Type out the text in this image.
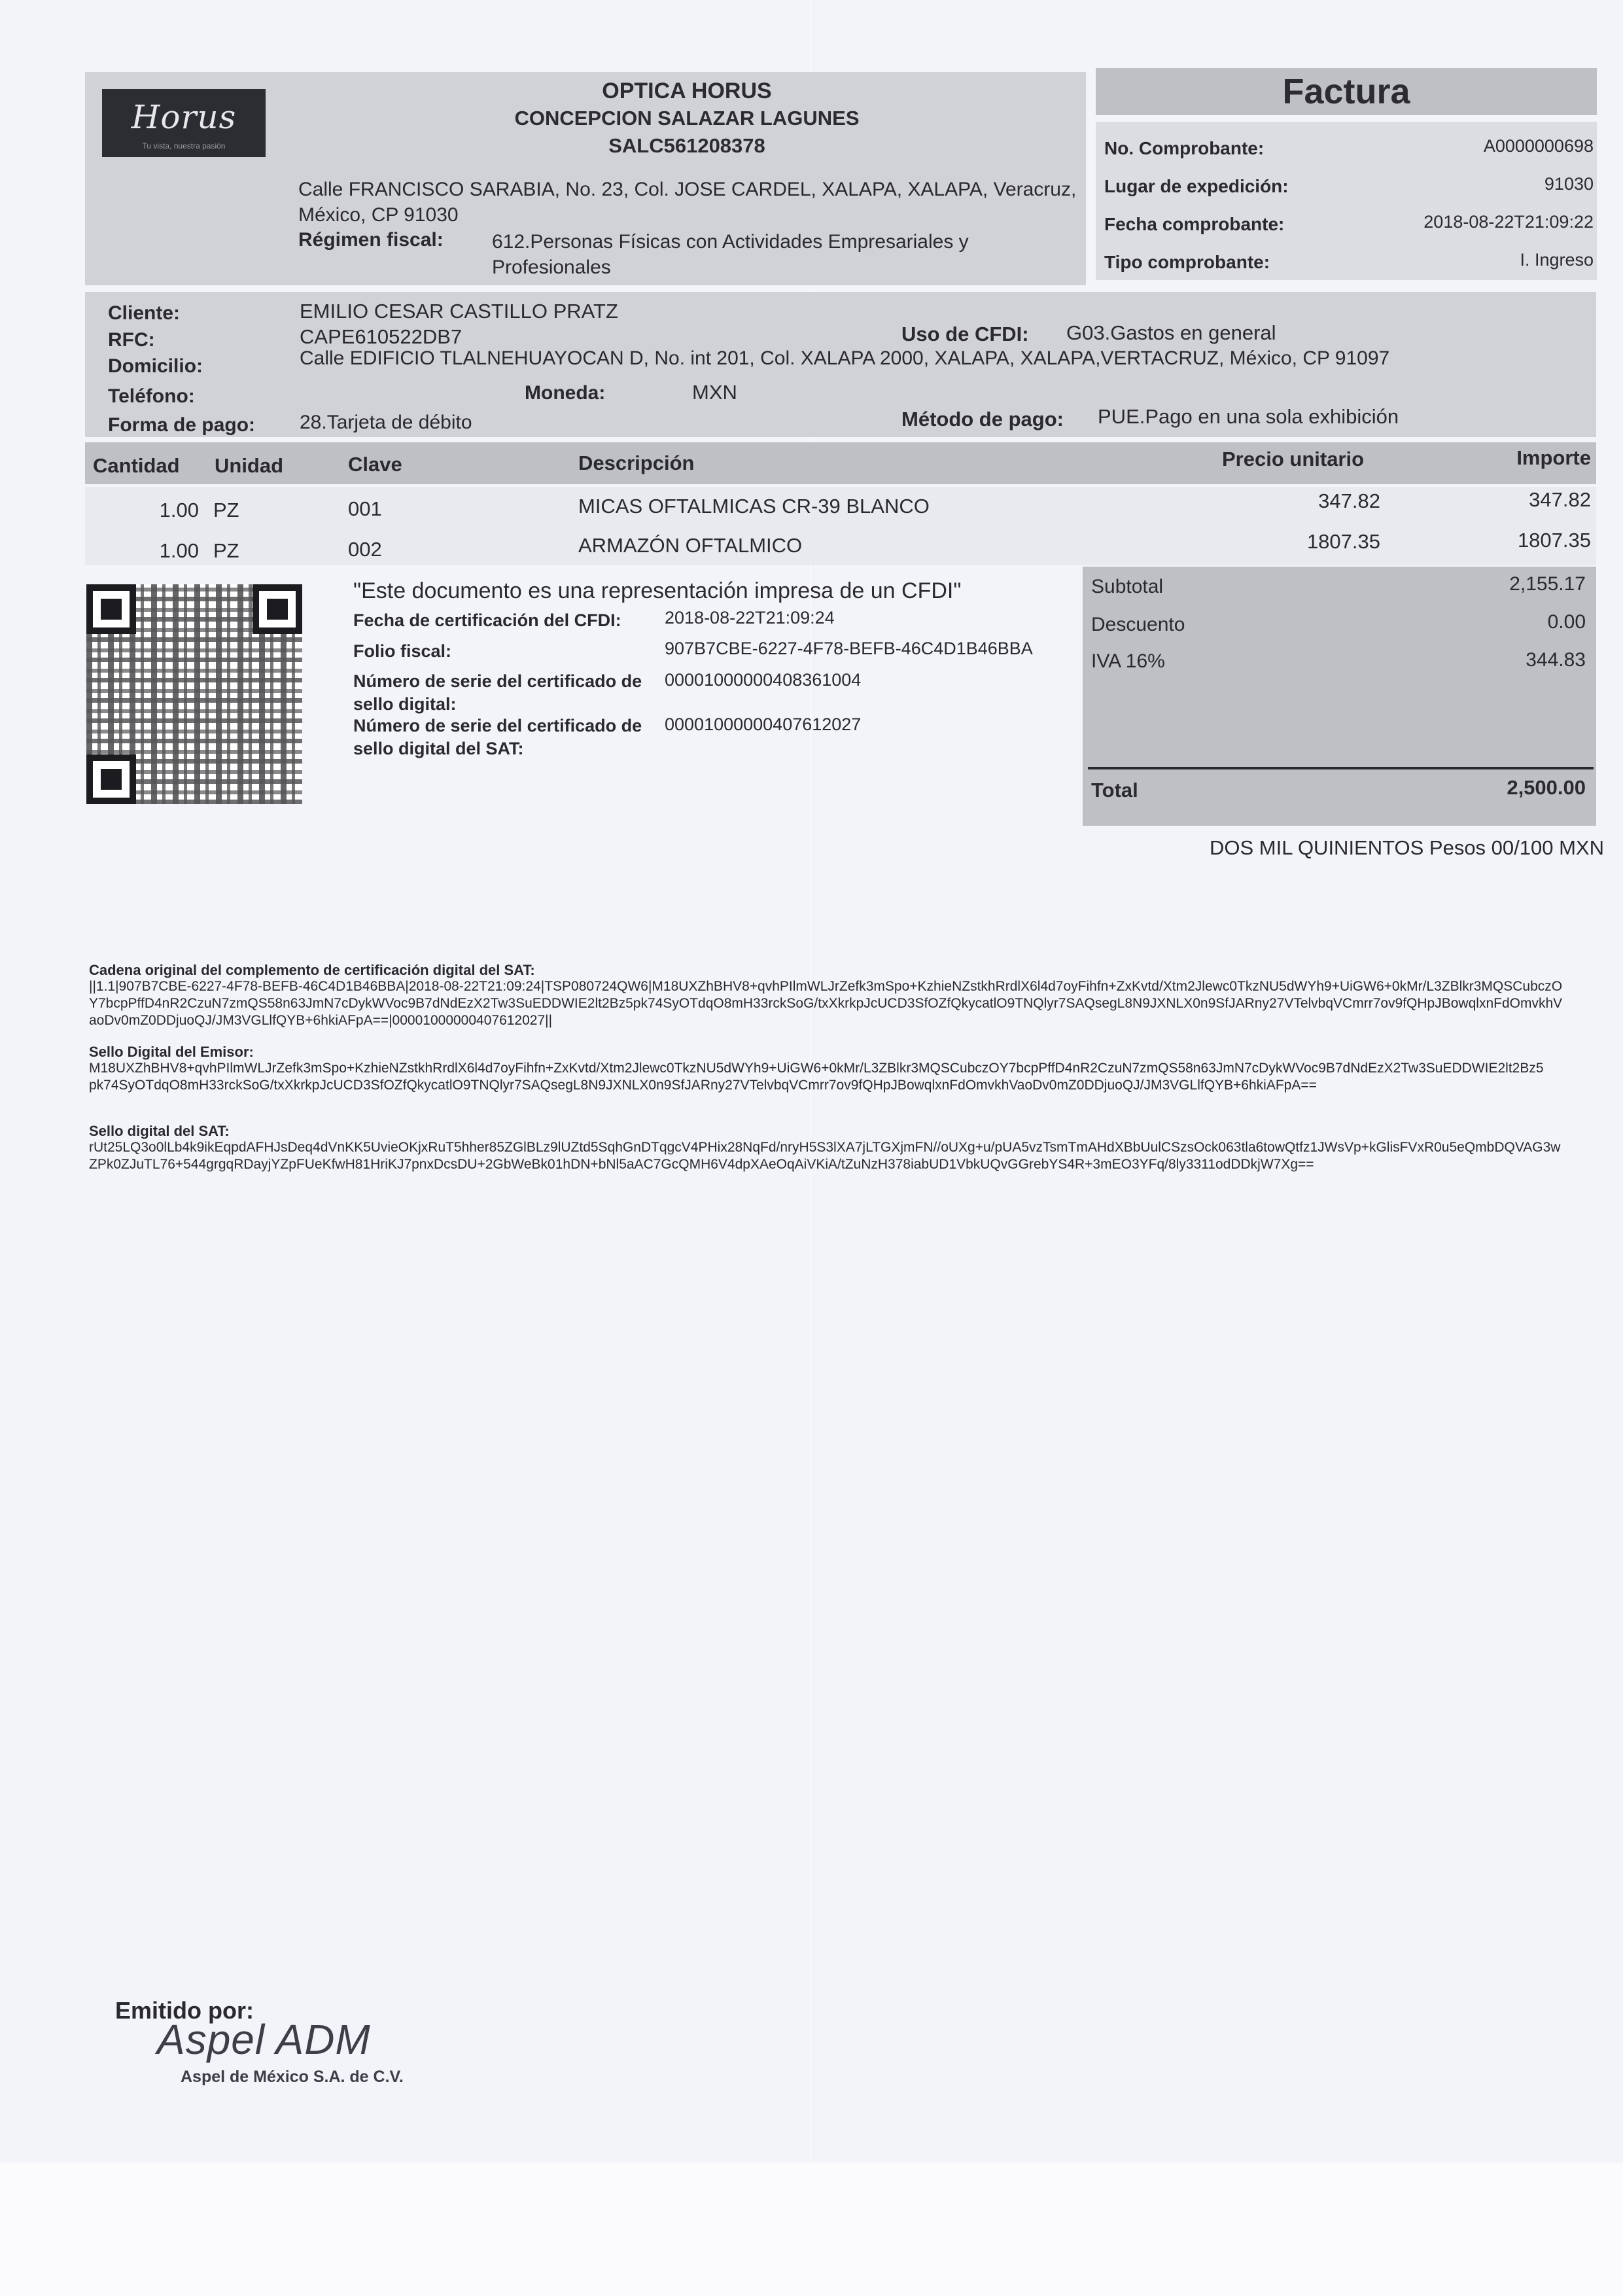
Horus
Tu vista, nuestra pasión
OPTICA HORUS
CONCEPCION SALAZAR LAGUNES
SALC561208378
Calle FRANCISCO SARABIA, No. 23, Col. JOSE CARDEL, XALAPA, XALAPA, Veracruz, México, CP 91030
Régimen fiscal: 612.Personas Físicas con Actividades Empresariales y Profesionales
Factura
No. Comprobante:	A0000000698
Lugar de expedición:	91030
Fecha comprobante:	2018-08-22T21:09:22
Tipo comprobante:	I. Ingreso
Cliente:	EMILIO CESAR CASTILLO PRATZ
RFC:	CAPE610522DB7	Uso de CFDI: G03.Gastos en general
Domicilio:	Calle EDIFICIO TLALNEHUAYOCAN D, No. int 201, Col. XALAPA 2000, XALAPA, XALAPA,VERTACRUZ, México, CP 91097
Teléfono:	Moneda:	MXN
Forma de pago: 28.Tarjeta de débito	Método de pago: PUE.Pago en una sola exhibición
Cantidad Unidad	Clave	Descripción	Precio unitario	Importe
1.00 PZ	001	MICAS OFTALMICAS CR-39 BLANCO	347.82	347.82
1.00 PZ	002	ARMAZÓN OFTALMICO	1807.35	1807.35
"Este documento es una representación impresa de un CFDI"
Fecha de certificación del CFDI: 2018-08-22T21:09:24
Folio fiscal:	907B7CBE-6227-4F78-BEFB-46C4D1B46BBA
Número de serie del certificado de sello digital:
00001000000408361004
Número de serie del certificado de sello digital del SAT:
00001000000407612027
Subtotal	2,155.17
Descuento	0.00
IVA 16%	344.83
Total	2,500.00
DOS MIL QUINIENTOS Pesos 00/100 MXN
Cadena original del complemento de certificación digital del SAT:
||1.1|907B7CBE-6227-4F78-BEFB-46C4D1B46BBA|2018-08-22T21:09:24|TSP080724QW6|M18UXZhBHV8+qvhPIlmWLJrZefk3mSpo+KzhieNZstkhRrdlX6l4d7oyFihfn+ZxKvtd/Xtm2Jlewc0TkzNU5dWYh9+UiGW6+0kMr/L3ZBlkr3MQSCubczOY7bcpPffD4nR2CzuN7zmQS58n63JmN7cDykWVoc9B7dNdEzX2Tw3SuEDDWIE2lt2Bz5pk74SyOTdqO8mH33rckSoG/txXkrkpJcUCD3SfOZfQkycatlO9TNQlyr7SAQsegL8N9JXNLX0n9SfJARny27VTelvbqVCmrr7ov9fQHpJBowqlxnFdOmvkhVaoDv0mZ0DDjuoQJ/JM3VGLlfQYB+6hkiAFpA==|00001000000407612027||
Sello Digital del Emisor:
M18UXZhBHV8+qvhPIlmWLJrZefk3mSpo+KzhieNZstkhRrdlX6l4d7oyFihfn+ZxKvtd/Xtm2Jlewc0TkzNU5dWYh9+UiGW6+0kMr/L3ZBlkr3MQSCubczOY7bcpPffD4nR2CzuN7zmQS58n63JmN7cDykWVoc9B7dNdEzX2Tw3SuEDDWIE2lt2Bz5pk74SyOTdqO8mH33rckSoG/txXkrkpJcUCD3SfOZfQkycatlO9TNQlyr7SAQsegL8N9JXNLX0n9SfJARny27VTelvbqVCmrr7ov9fQHpJBowqlxnFdOmvkhVaoDv0mZ0DDjuoQJ/JM3VGLlfQYB+6hkiAFpA==
Sello digital del SAT:
rUt25LQ3o0lLb4k9ikEqpdAFHJsDeq4dVnKK5UvieOKjxRuT5hher85ZGlBLz9lUZtd5SqhGnDTqgcV4PHix28NqFd/nryH5S3lXA7jLTGXjmFN//oUXg+u/pUA5vzTsmTmAHdXBbUulCSzsOck063tla6towQtfz1JWsVp+kGlisFVxR0u5eQmbDQVAG3wZPk0ZJuTL76+544grgqRDayjYZpFUeKfwH81HriKJ7pnxDcsDU+2GbWeBk01hDN+bNl5aAC7GcQMH6V4dpXAeOqAiVKiA/tZuNzH378iabUD1VbkUQvGGrebYS4R+3mEO3YFq/8ly3311odDDkjW7Xg==
Emitido por:
Aspel ADM
Aspel de México S.A. de C.V.
